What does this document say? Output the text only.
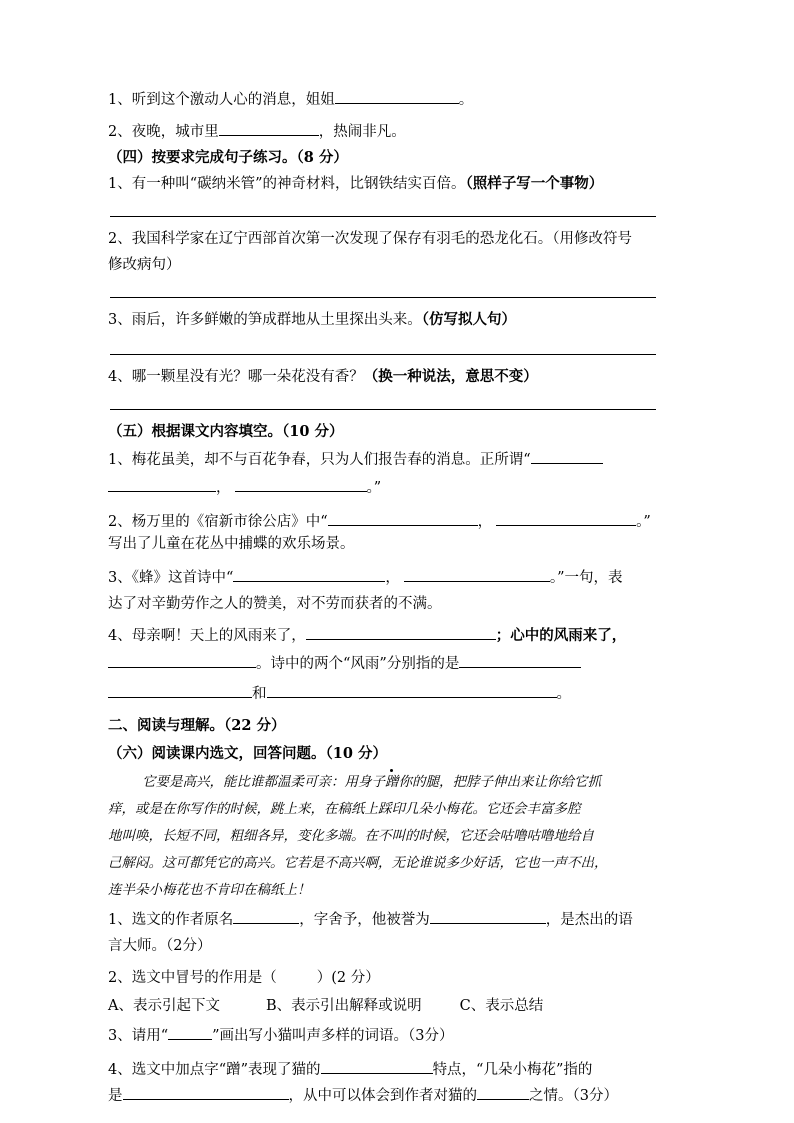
1、听到这个激动人心的消息，姐姐	。
2、夜晚，城市里	，热闹非凡。
（四）按要求完成句子练习。（8 分）
1、有一种叫“碳纳米管”的神奇材料，比钢铁结实百倍。（照样子写一个事物）
2、我国科学家在辽宁西部首次第一次发现了保存有羽毛的恐龙化石。（用修改符号
修改病句）
3、雨后，许多鲜嫩的笋成群地从土里探出头来。（仿写拟人句）
4、哪一颗星没有光？哪一朵花没有香？（换一种说法，意思不变）
（五）根据课文内容填空。（10 分）
1、梅花虽美，却不与百花争春，只为人们报告春的消息。正所谓“
，	。”
2、杨万里的《宿新市徐公店》中“	，	。”
写出了儿童在花丛中捕蝶的欢乐场景。
3、《蜂》这首诗中“	，	。”一句，表
达了对辛勤劳作之人的赞美，对不劳而获者的不满。
4、母亲啊！天上的风雨来了，	；心中的风雨来了，
。诗中的两个“风雨”分别指的是
和	。
二、阅读与理解。（22 分）
（六）阅读课内选文，回答问题。（10 分）
它要是高兴，能比谁都温柔可亲：用身子蹭你的腿，把脖子伸出来让你给它抓
痒，或是在你写作的时候，跳上来，在稿纸上踩印几朵小梅花。它还会丰富多腔
地叫唤，长短不同，粗细各异，变化多端。在不叫的时候，它还会咕噜咕噜地给自
己解闷。这可都凭它的高兴。它若是不高兴啊，无论谁说多少好话，它也一声不出，
连半朵小梅花也不肯印在稿纸上！
1、选文的作者原名	，字舍予，他被誉为	，是杰出的语
言大师。（2分）
2、选文中冒号的作用是（	）(2 分）
A、表示引起下文	B、表示引出解释或说明	C、表示总结
3、请用“	”画出写小猫叫声多样的词语。（3分）
4、选文中加点字“蹭”表现了猫的	特点，“几朵小梅花”指的
是	，从中可以体会到作者对猫的	之情。（3分）
